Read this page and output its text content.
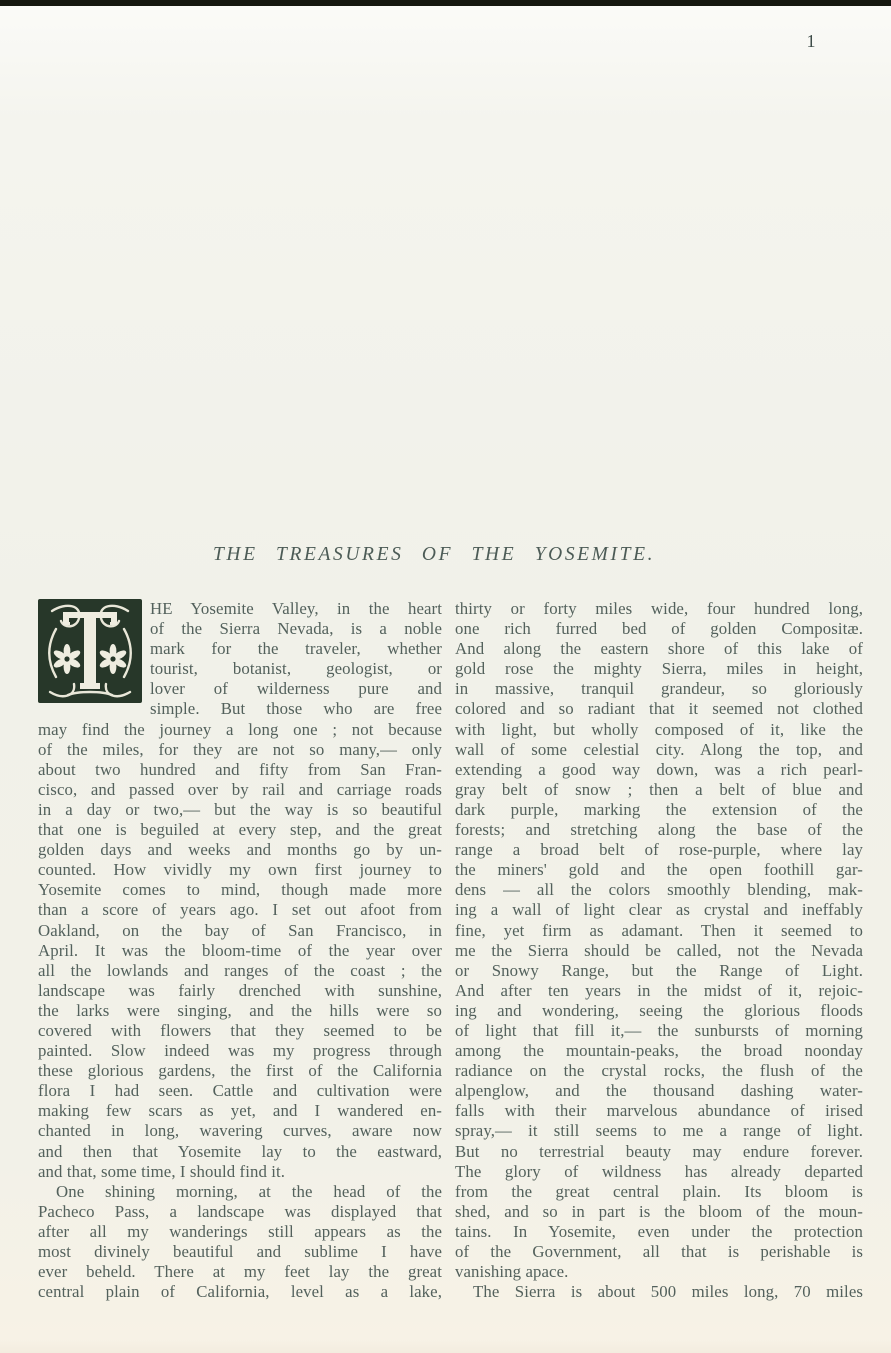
1
THE TREASURES OF THE YOSEMITE.
HE Yosemite Valley, in the heart
of the Sierra Nevada, is a noble
mark for the traveler, whether
tourist, botanist, geologist, or
lover of wilderness pure and
simple. But those who are free
may find the journey a long one ; not because
of the miles, for they are not so many,— only
about two hundred and fifty from San Fran-
cisco, and passed over by rail and carriage roads
in a day or two,— but the way is so beautiful
that one is beguiled at every step, and the great
golden days and weeks and months go by un-
counted. How vividly my own first journey to
Yosemite comes to mind, though made more
than a score of years ago. I set out afoot from
Oakland, on the bay of San Francisco, in
April. It was the bloom-time of the year over
all the lowlands and ranges of the coast ; the
landscape was fairly drenched with sunshine,
the larks were singing, and the hills were so
covered with flowers that they seemed to be
painted. Slow indeed was my progress through
these glorious gardens, the first of the California
flora I had seen. Cattle and cultivation were
making few scars as yet, and I wandered en-
chanted in long, wavering curves, aware now
and then that Yosemite lay to the eastward,
and that, some time, I should find it.
One shining morning, at the head of the
Pacheco Pass, a landscape was displayed that
after all my wanderings still appears as the
most divinely beautiful and sublime I have
ever beheld. There at my feet lay the great
central plain of California, level as a lake,
thirty or forty miles wide, four hundred long,
one rich furred bed of golden Compositæ.
And along the eastern shore of this lake of
gold rose the mighty Sierra, miles in height,
in massive, tranquil grandeur, so gloriously
colored and so radiant that it seemed not clothed
with light, but wholly composed of it, like the
wall of some celestial city. Along the top, and
extending a good way down, was a rich pearl-
gray belt of snow ; then a belt of blue and
dark purple, marking the extension of the
forests; and stretching along the base of the
range a broad belt of rose-purple, where lay
the miners' gold and the open foothill gar-
dens — all the colors smoothly blending, mak-
ing a wall of light clear as crystal and ineffably
fine, yet firm as adamant. Then it seemed to
me the Sierra should be called, not the Nevada
or Snowy Range, but the Range of Light.
And after ten years in the midst of it, rejoic-
ing and wondering, seeing the glorious floods
of light that fill it,— the sunbursts of morning
among the mountain-peaks, the broad noonday
radiance on the crystal rocks, the flush of the
alpenglow, and the thousand dashing water-
falls with their marvelous abundance of irised
spray,— it still seems to me a range of light.
But no terrestrial beauty may endure forever.
The glory of wildness has already departed
from the great central plain. Its bloom is
shed, and so in part is the bloom of the moun-
tains. In Yosemite, even under the protection
of the Government, all that is perishable is
vanishing apace.
The Sierra is about 500 miles long, 70 miles
